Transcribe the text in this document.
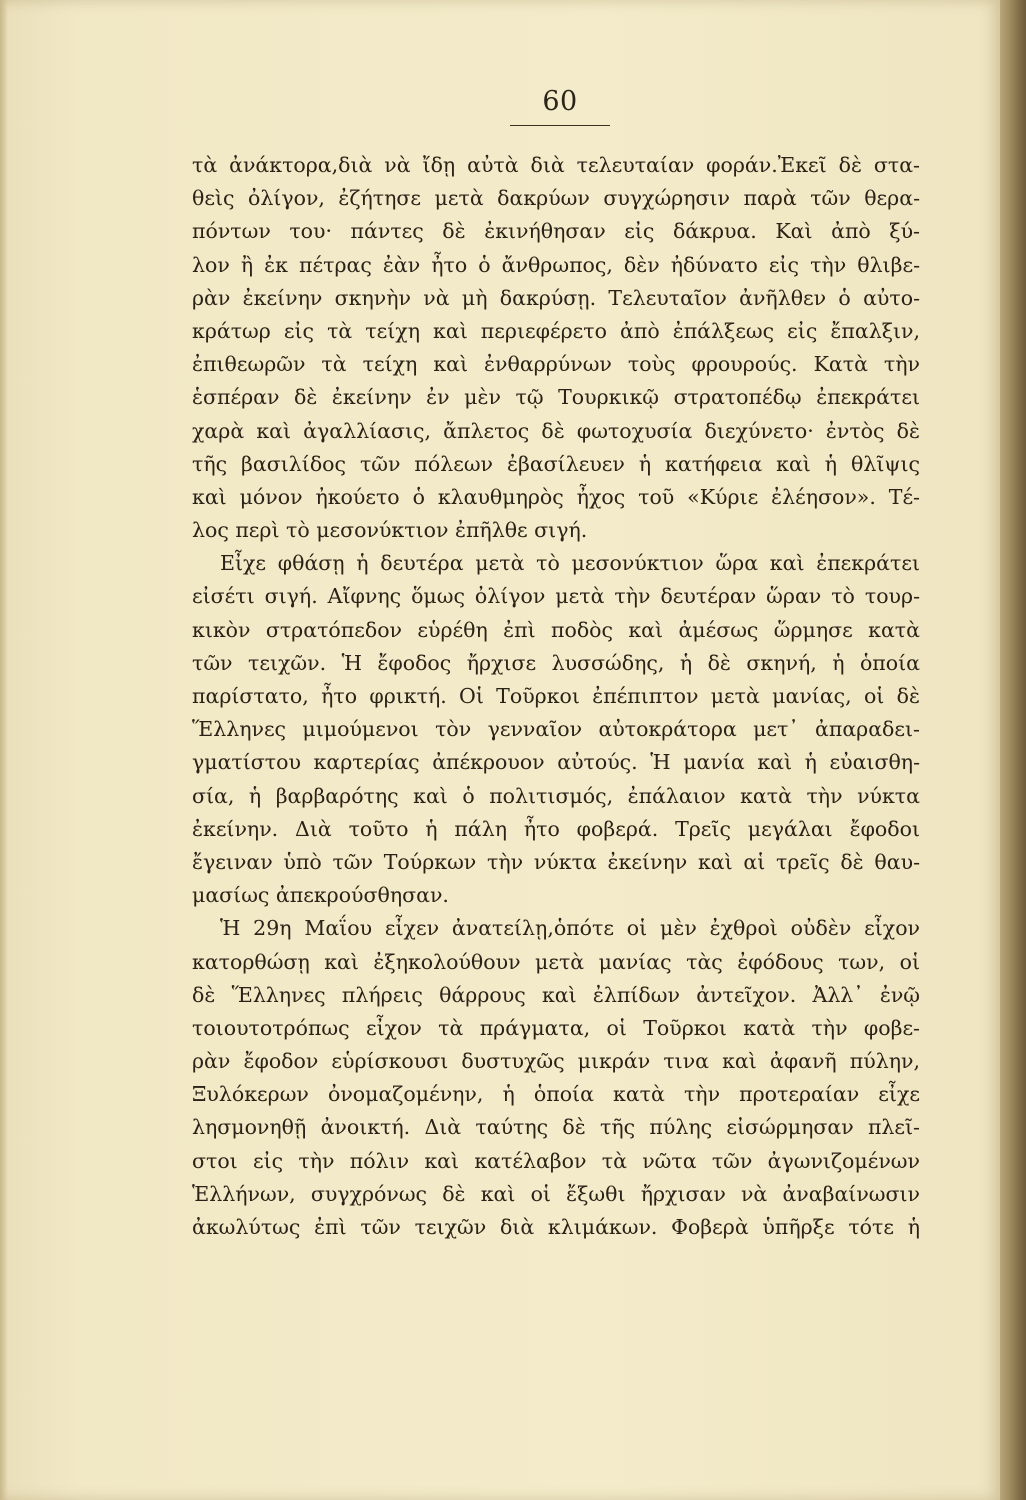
60
τὰ ἀνάκτορα,διὰ νὰ ἴδῃ αὐτὰ διὰ τελευταίαν φοράν.Ἐκεῖ δὲ στα-
θεὶς ὀλίγον, ἐζήτησε μετὰ δακρύων συγχώρησιν παρὰ τῶν θερα-
πόντων του· πάντες δὲ ἐκινήθησαν εἰς δάκρυα. Καὶ ἀπὸ ξύ-
λον ἢ ἐκ πέτρας ἐὰν ἦτο ὁ ἄνθρωπος, δὲν ἠδύνατο εἰς τὴν θλιβε-
ρὰν ἐκείνην σκηνὴν νὰ μὴ δακρύσῃ. Τελευταῖον ἀνῆλθεν ὁ αὐτο-
κράτωρ εἰς τὰ τείχη καὶ περιεφέρετο ἀπὸ ἐπάλξεως εἰς ἔπαλξιν,
ἐπιθεωρῶν τὰ τείχη καὶ ἐνθαρρύνων τοὺς φρουρούς. Κατὰ τὴν
ἑσπέραν δὲ ἐκείνην ἐν μὲν τῷ Τουρκικῷ στρατοπέδῳ ἐπεκράτει
χαρὰ καὶ ἀγαλλίασις, ἄπλετος δὲ φωτοχυσία διεχύνετο· ἐντὸς δὲ
τῆς βασιλίδος τῶν πόλεων ἐβασίλευεν ἡ κατήφεια καὶ ἡ θλῖψις
καὶ μόνον ἠκούετο ὁ κλαυθμηρὸς ἦχος τοῦ «Κύριε ἐλέησον». Τέ-
λος περὶ τὸ μεσονύκτιον ἐπῆλθε σιγή.
Εἶχε φθάσῃ ἡ δευτέρα μετὰ τὸ μεσονύκτιον ὥρα καὶ ἐπεκράτει
εἰσέτι σιγή. Αἴφνης ὅμως ὀλίγον μετὰ τὴν δευτέραν ὥραν τὸ τουρ-
κικὸν στρατόπεδον εὑρέθη ἐπὶ ποδὸς καὶ ἀμέσως ὥρμησε κατὰ
τῶν τειχῶν. Ἡ ἔφοδος ἤρχισε λυσσώδης, ἡ δὲ σκηνή, ἡ ὁποία
παρίστατο, ἦτο φρικτή. Οἱ Τοῦρκοι ἐπέπιπτον μετὰ μανίας, οἱ δὲ
Ἕλληνες μιμούμενοι τὸν γενναῖον αὐτοκράτορα μετ᾽ ἀπαραδει-
γματίστου καρτερίας ἀπέκρουον αὐτούς. Ἡ μανία καὶ ἡ εὐαισθη-
σία, ἡ βαρβαρότης καὶ ὁ πολιτισμός, ἐπάλαιον κατὰ τὴν νύκτα
ἐκείνην. Διὰ τοῦτο ἡ πάλη ἦτο φοβερά. Τρεῖς μεγάλαι ἔφοδοι
ἔγειναν ὑπὸ τῶν Τούρκων τὴν νύκτα ἐκείνην καὶ αἱ τρεῖς δὲ θαυ-
μασίως ἀπεκρούσθησαν.
Ἡ 29η Μαΐου εἶχεν ἀνατείλῃ,ὁπότε οἱ μὲν ἐχθροὶ οὐδὲν εἶχον
κατορθώσῃ καὶ ἐξηκολούθουν μετὰ μανίας τὰς ἐφόδους των, οἱ
δὲ Ἕλληνες πλήρεις θάρρους καὶ ἐλπίδων ἀντεῖχον. Ἀλλ᾽ ἐνῷ
τοιουτοτρόπως εἶχον τὰ πράγματα, οἱ Τοῦρκοι κατὰ τὴν φοβε-
ρὰν ἔφοδον εὑρίσκουσι δυστυχῶς μικράν τινα καὶ ἀφανῆ πύλην,
Ξυλόκερων ὀνομαζομένην, ἡ ὁποία κατὰ τὴν προτεραίαν εἶχε
λησμονηθῇ ἀνοικτή. Διὰ ταύτης δὲ τῆς πύλης εἰσώρμησαν πλεῖ-
στοι εἰς τὴν πόλιν καὶ κατέλαβον τὰ νῶτα τῶν ἀγωνιζομένων
Ἑλλήνων, συγχρόνως δὲ καὶ οἱ ἔξωθι ἤρχισαν νὰ ἀναβαίνωσιν
ἀκωλύτως ἐπὶ τῶν τειχῶν διὰ κλιμάκων. Φοβερὰ ὑπῆρξε τότε ἡ
